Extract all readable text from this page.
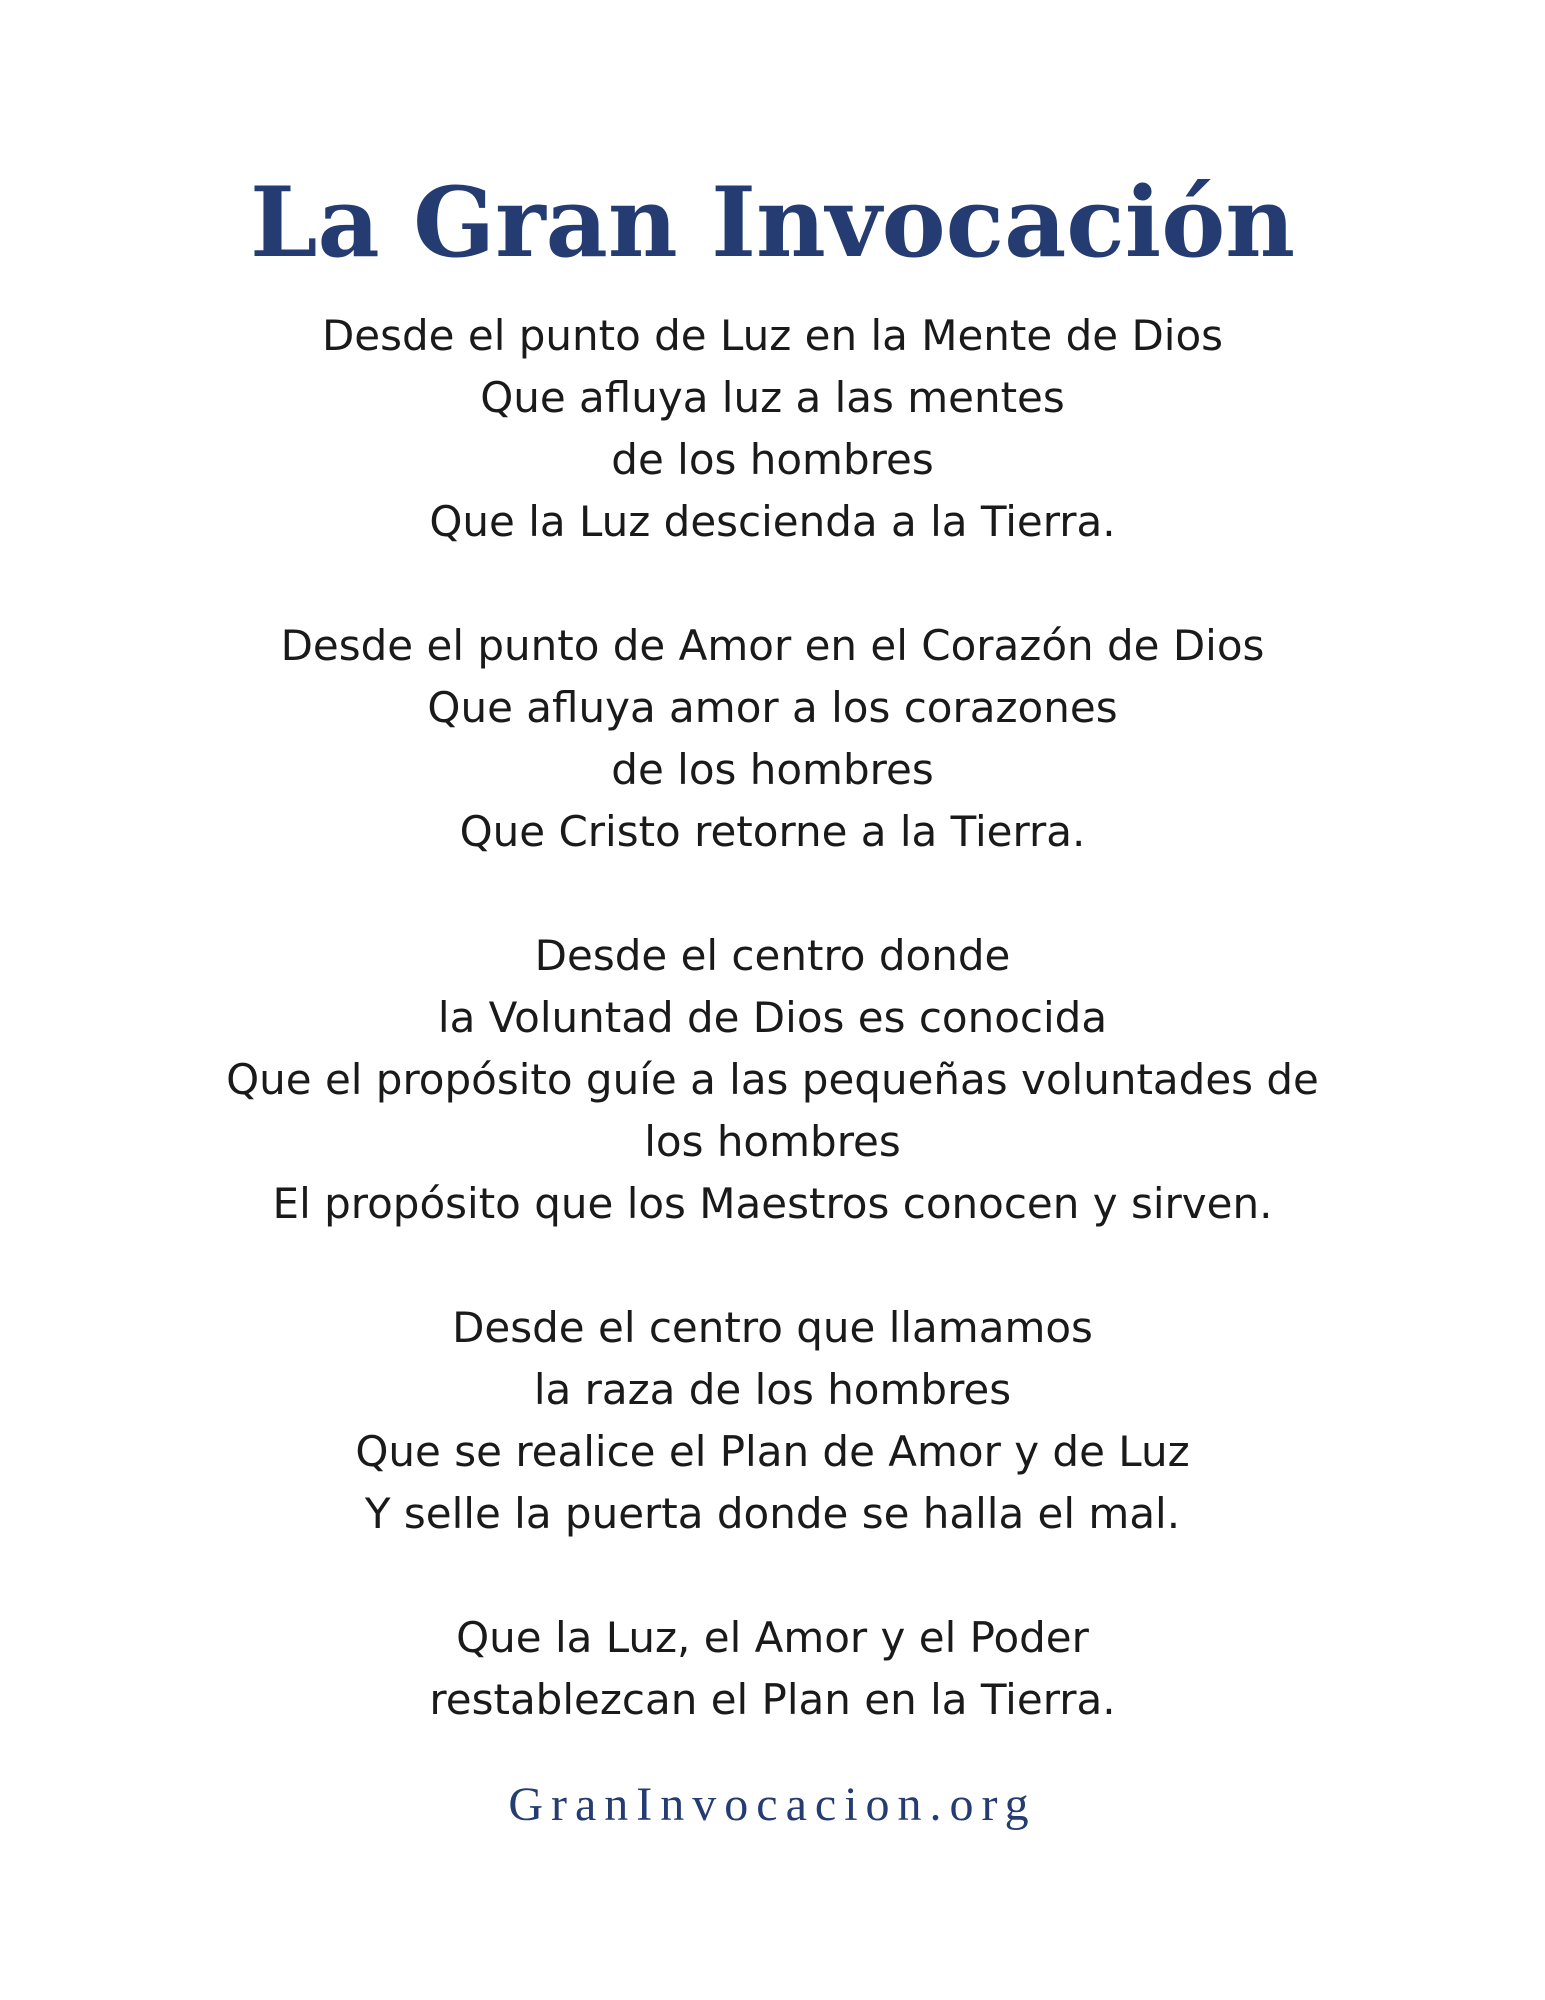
La Gran Invocación

Desde el punto de Luz en la Mente de Dios
Que afluya luz a las mentes
de los hombres
Que la Luz descienda a la Tierra.

Desde el punto de Amor en el Corazón de Dios
Que afluya amor a los corazones
de los hombres
Que Cristo retorne a la Tierra.

Desde el centro donde
la Voluntad de Dios es conocida
Que el propósito guíe a las pequeñas voluntades de
los hombres
El propósito que los Maestros conocen y sirven.

Desde el centro que llamamos
la raza de los hombres
Que se realice el Plan de Amor y de Luz
Y selle la puerta donde se halla el mal.

Que la Luz, el Amor y el Poder
restablezcan el Plan en la Tierra.

GranInvocacion.org
